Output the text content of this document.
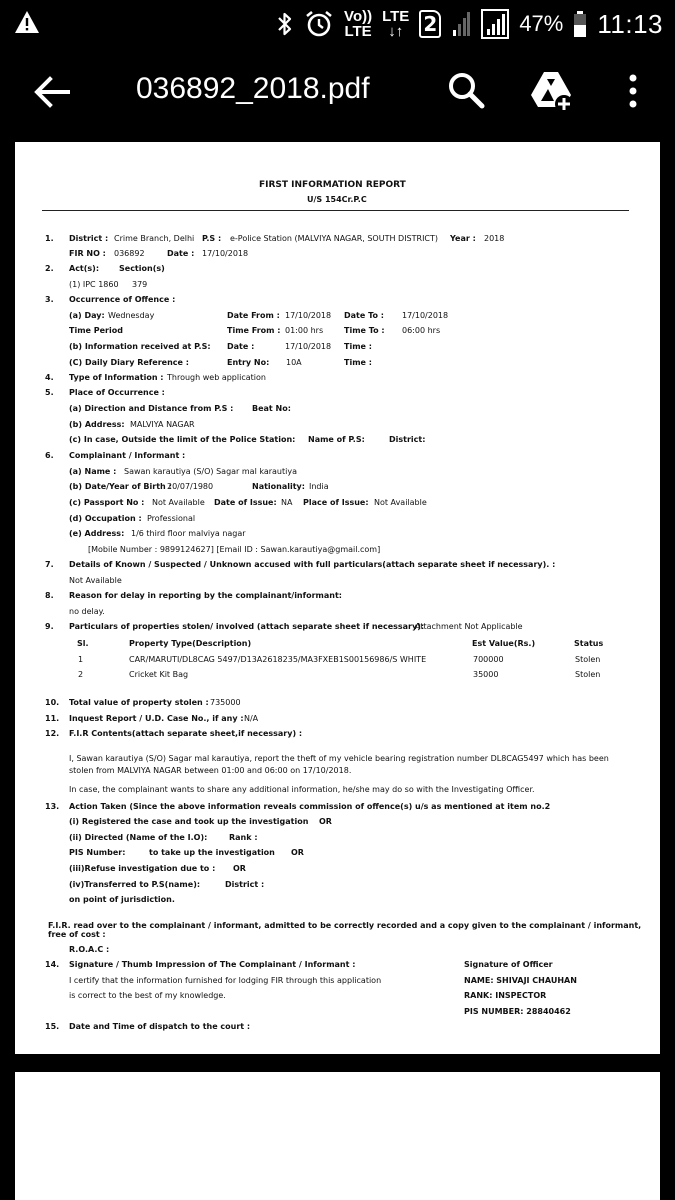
Vo))
LTE
LTE
↓↑	2	47% 11:13
036892_2018.pdf
FIRST INFORMATION REPORT
U/S 154Cr.P.C
1. District : Crime Branch, Delhi P.S : e-Police Station (MALVIYA NAGAR, SOUTH DISTRICT) Year : 2018
FIR NO : 036892	Date : 17/10/2018
2. Act(s): Section(s)
(1) IPC 1860 379
3. Occurrence of Offence :
(a) Day: Wednesday	Date From : 17/10/2018 Date To : 17/10/2018
Time Period	Time From : 01:00 hrs	Time To : 06:00 hrs
(b) Information received at P.S: Date :	17/10/2018 Time :
(C) Daily Diary Reference :	Entry No: 10A	Time :
4. Type of Information : Through web application
5. Place of Occurrence :
(a) Direction and Distance from P.S : Beat No:
(b) Address: MALVIYA NAGAR
(c) In case, Outside the limit of the Police Station: Name of P.S:	District:
6. Complainant / Informant :
(a) Name : Sawan karautiya (S/O) Sagar mal karautiya
(b) Date/Year of Birth :
20/07/1980	Nationality: India
(c) Passport No : Not Available Date of Issue: NA Place of Issue: Not Available
(d) Occupation : Professional
(e) Address: 1/6 third floor malviya nagar
[Mobile Number : 9899124627] [Email ID : Sawan.karautiya@gmail.com]
7. Details of Known / Suspected / Unknown accused with full particulars(attach separate sheet if necessary). :
Not Available
8. Reason for delay in reporting by the complainant/informant:
no delay.
9. Particulars of properties stolen/ involved (attach separate sheet if necessary):
Attachment Not Applicable
Sl.	Property Type(Description)	Est Value(Rs.)	Status
1	CAR/MARUTI/DL8CAG 5497/D13A2618235/MA3FXEB1S00156986/S WHITE	700000	Stolen
2	Cricket Kit Bag	35000	Stolen
10. Total value of property stolen : 735000
11. Inquest Report / U.D. Case No., if any : N/A
12. F.I.R Contents(attach separate sheet,if necessary) :
I, Sawan karautiya (S/O) Sagar mal karautiya, report the theft of my vehicle bearing registration number DL8CAG5497 which has been
stolen from MALVIYA NAGAR between 01:00 and 06:00 on 17/10/2018.
In case, the complainant wants to share any additional information, he/she may do so with the Investigating Officer.
13. Action Taken (Since the above information reveals commission of offence(s) u/s as mentioned at item no.2
(i) Registered the case and took up the investigation OR
(ii) Directed (Name of the I.O):	Rank :
PIS Number:	to take up the investigation OR
(iii)Refuse investigation due to : OR
(iv)Transferred to P.S(name):	District :
on point of jurisdiction.
F.I.R. read over to the complainant / informant, admitted to be correctly recorded and a copy given to the complainant / informant,
free of cost :
R.O.A.C :
14. Signature / Thumb Impression of The Complainant / Informant :
I certify that the information furnished for lodging FIR through this application
is correct to the best of my knowledge.
Signature of Officer
NAME: SHIVAJI CHAUHAN
RANK: INSPECTOR
PIS NUMBER: 28840462
15. Date and Time of dispatch to the court :
